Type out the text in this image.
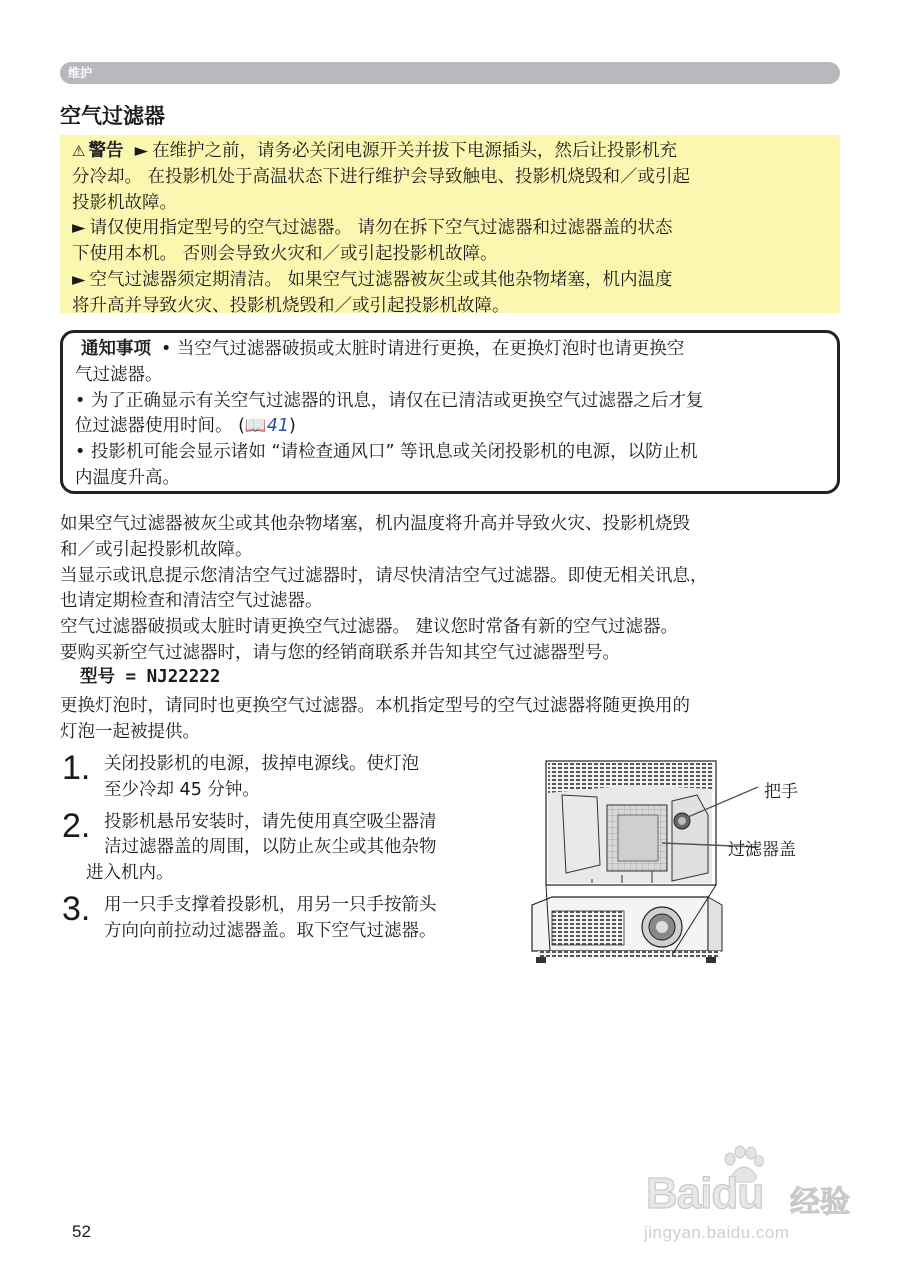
维护
空气过滤器

⚠ 警告 ► 在维护之前，请务必关闭电源开关并拔下电源插头，然后让投影机充

分冷却。 在投影机处于高温状态下进行维护会导致触电、投影机烧毁和／或引起

投影机故障。

► 请仅使用指定型号的空气过滤器。 请勿在拆下空气过滤器和过滤器盖的状态

下使用本机。 否则会导致火灾和／或引起投影机故障。

► 空气过滤器须定期清洁。 如果空气过滤器被灰尘或其他杂物堵塞，机内温度

将升高并导致火灾、投影机烧毁和／或引起投影机故障。

通知事项 • 当空气过滤器破损或太脏时请进行更换，在更换灯泡时也请更换空

气过滤器。

• 为了正确显示有关空气过滤器的讯息，请仅在已清洁或更换空气过滤器之后才复

位过滤器使用时间。 (📖41)

• 投影机可能会显示诸如 “请检查通风口” 等讯息或关闭投影机的电源，以防止机

内温度升高。

如果空气过滤器被灰尘或其他杂物堵塞，机内温度将升高并导致火灾、投影机烧毁

和／或引起投影机故障。

当显示或讯息提示您清洁空气过滤器时，请尽快清洁空气过滤器。即使无相关讯息，

也请定期检查和清洁空气过滤器。

空气过滤器破损或太脏时请更换空气过滤器。 建议您时常备有新的空气过滤器。

要购买新空气过滤器时，请与您的经销商联系并告知其空气过滤器型号。

型号 = NJ22222

更换灯泡时，请同时也更换空气过滤器。本机指定型号的空气过滤器将随更换用的

灯泡一起被提供。

1. 关闭投影机的电源，拔掉电源线。使灯泡
至少冷却 45 分钟。
2. 投影机悬吊安装时，请先使用真空吸尘器清
洁过滤器盖的周围，以防止灰尘或其他杂物
进入机内。
3. 用一只手支撑着投影机，用另一只手按箭头
方向向前拉动过滤器盖。取下空气过滤器。
把手
过滤器盖
52
Baidu 经验
jingyan.baidu.com
